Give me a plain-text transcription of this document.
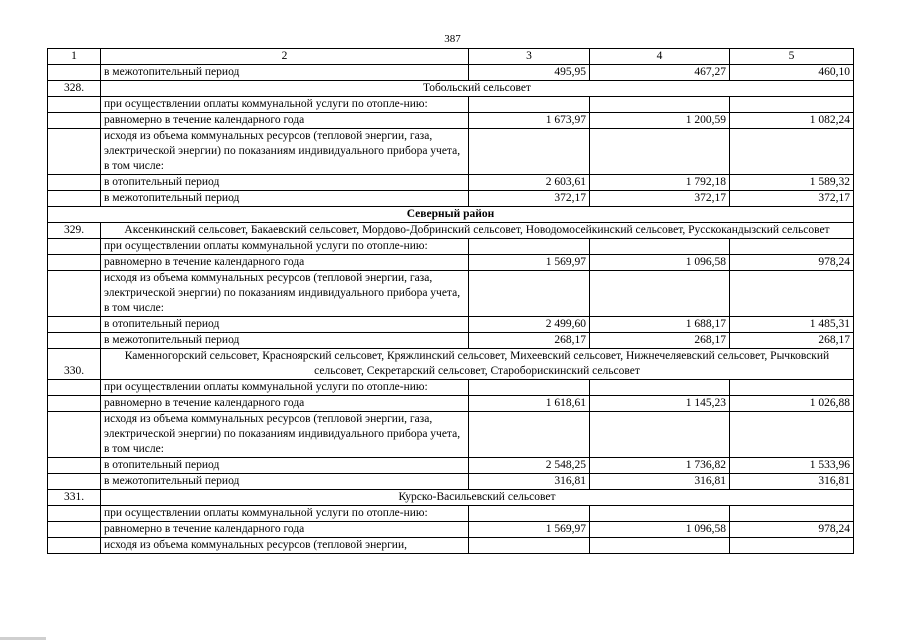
387
1	2	3	4	5
	в межотопительный период	495,95	467,27	460,10
328.	Тобольский сельсовет			
	при осуществлении оплаты коммунальной услуги по отопле-нию:			
	равномерно в течение календарного года	1 673,97	1 200,59	1 082,24
	исходя из объема коммунальных ресурсов (тепловой энергии, газа, электрической энергии) по показаниям индивидуального прибора учета, в том числе:			
	в отопительный период	2 603,61	1 792,18	1 589,32
	в межотопительный период	372,17	372,17	372,17
Северный район				
329.	Аксенкинский сельсовет, Бакаевский сельсовет, Мордово-Добринский сельсовет, Новодомосейкинский сельсовет, Русскокандызский сельсовет			
	при осуществлении оплаты коммунальной услуги по отопле-нию:			
	равномерно в течение календарного года	1 569,97	1 096,58	978,24
	исходя из объема коммунальных ресурсов (тепловой энергии, газа, электрической энергии) по показаниям индивидуального прибора учета, в том числе:			
	в отопительный период	2 499,60	1 688,17	1 485,31
	в межотопительный период	268,17	268,17	268,17
330.	Каменногорский сельсовет, Красноярский сельсовет, Кряжлинский сельсовет, Михеевский сельсовет, Нижнечеляевский сельсовет, Рычковский сельсовет, Секретарский сельсовет, Староборискинский сельсовет			
	при осуществлении оплаты коммунальной услуги по отопле-нию:			
	равномерно в течение календарного года	1 618,61	1 145,23	1 026,88
	исходя из объема коммунальных ресурсов (тепловой энергии, газа, электрической энергии) по показаниям индивидуального прибора учета, в том числе:			
	в отопительный период	2 548,25	1 736,82	1 533,96
	в межотопительный период	316,81	316,81	316,81
331.	Курско-Васильевский сельсовет			
	при осуществлении оплаты коммунальной услуги по отопле-нию:			
	равномерно в течение календарного года	1 569,97	1 096,58	978,24
	исходя из объема коммунальных ресурсов (тепловой энергии,			
